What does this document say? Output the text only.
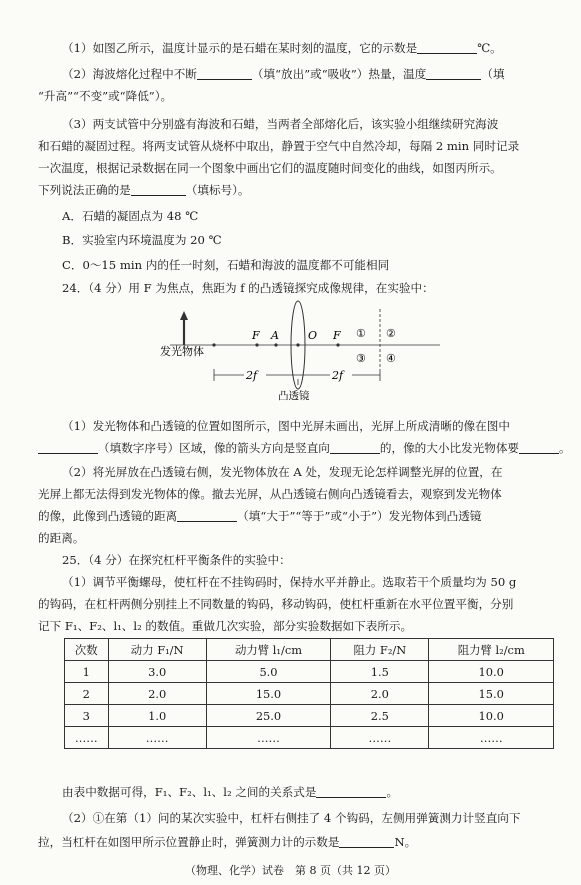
（1）如图乙所示，温度计显示的是石蜡在某时刻的温度，它的示数是	℃。
（2）海波熔化过程中不断	（填“放出”或“吸收”）热量，温度	（填
“升高”“不变”或“降低”）。
（3）两支试管中分别盛有海波和石蜡，当两者全部熔化后，该实验小组继续研究海波
和石蜡的凝固过程。将两支试管从烧杯中取出，静置于空气中自然冷却，每隔 2 min 同时记录
一次温度，根据记录数据在同一个图象中画出它们的温度随时间变化的曲线，如图丙所示。
下列说法正确的是	（填标号）。
A．石蜡的凝固点为 48 ℃
B．实验室内环境温度为 20 ℃
C．0～15 min 内的任一时刻，石蜡和海波的温度都不可能相同
24．（4 分）用 F 为焦点，焦距为 f 的凸透镜探究成像规律，在实验中：
发光物体
F A	O F ① ②
③ ④
2f	2f
凸透镜
（1）发光物体和凸透镜的位置如图所示，图中光屏未画出，光屏上所成清晰的像在图中
（填数字序号）区域，像的箭头方向是竖直向	的，像的大小比发光物体要	。
（2）将光屏放在凸透镜右侧，发光物体放在 A 处，发现无论怎样调整光屏的位置，在
光屏上都无法得到发光物体的像。撤去光屏，从凸透镜右侧向凸透镜看去，观察到发光物体
的像，此像到凸透镜的距离	（填“大于”“等于”或“小于”）发光物体到凸透镜
的距离。
25．（4 分）在探究杠杆平衡条件的实验中：
（1）调节平衡螺母，使杠杆在不挂钩码时，保持水平并静止。选取若干个质量均为 50 g
的钩码，在杠杆两侧分别挂上不同数量的钩码，移动钩码，使杠杆重新在水平位置平衡，分别
次数	动力 F₁/N	动力臂 l₁/cm	阻力 F₂/N	阻力臂 l₂/cm
1	3.0	5.0	1.5	10.0
2	2.0	15.0	2.0	15.0
3	1.0	25.0	2.5	10.0
……	……	……	……	……
由表中数据可得，F₁、F₂、l₁、l₂ 之间的关系式是	。
（2）①在第（1）问的某次实验中，杠杆右侧挂了 4 个钩码，左侧用弹簧测力计竖直向下
拉，当杠杆在如图甲所示位置静止时，弹簧测力计的示数是	N。
（物理、化学）试卷　第 8 页（共 12 页）
记下 F₁、F₂、l₁、l₂ 的数值。重做几次实验，部分实验数据如下表所示。
